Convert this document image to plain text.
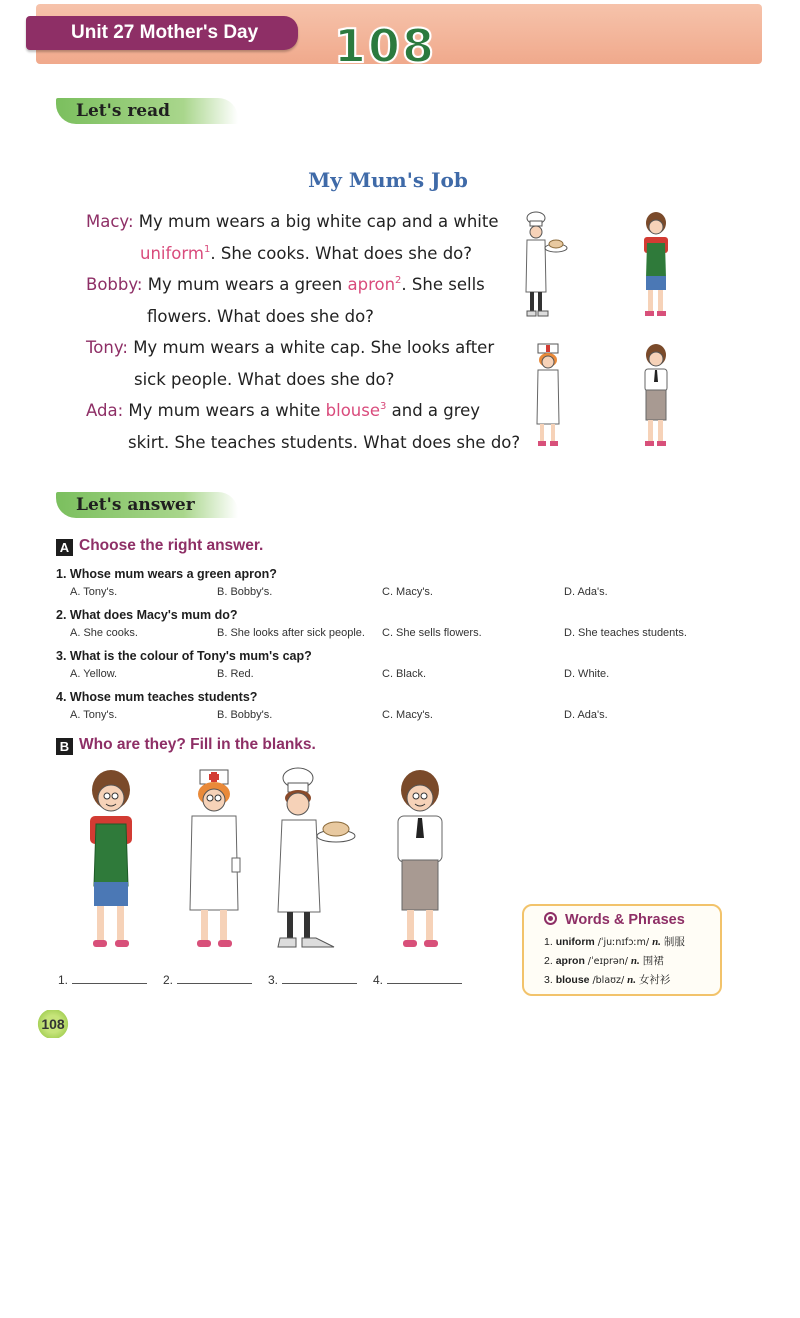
Unit 27 Mother's Day	108
Let's read
My Mum's Job
Macy: My mum wears a big white cap and a white
uniform$^1$. She cooks. What does she do?
Bobby: My mum wears a green apron$^2$. She sells
flowers. What does she do?
Tony: My mum wears a white cap. She looks after
sick people. What does she do?
Ada: My mum wears a white blouse$^3$ and a grey
skirt. She teaches students. What does she do?
Let's answer
A Choose the right answer.
1. Whose mum wears a green apron?
A. Tony's.	B. Bobby's.	C. Macy's.	D. Ada's.
2. What does Macy's mum do?
A. She cooks.	B. She looks after sick people. C. She sells flowers.	D. She teaches students.
3. What is the colour of Tony's mum's cap?
A. Yellow.	B. Red.	C. Black.	D. White.
4. Whose mum teaches students?
A. Tony's.	B. Bobby's.	C. Macy's.	D. Ada's.
B Who are they? Fill in the blanks.
1.	2.	3.	4.
Words & Phrases
1. uniform /ˈjuːnɪfɔːm/ n. 制服
2. apron /ˈeɪprən/ n. 围裙
3. blouse /blaʊz/ n. 女衬衫
108
